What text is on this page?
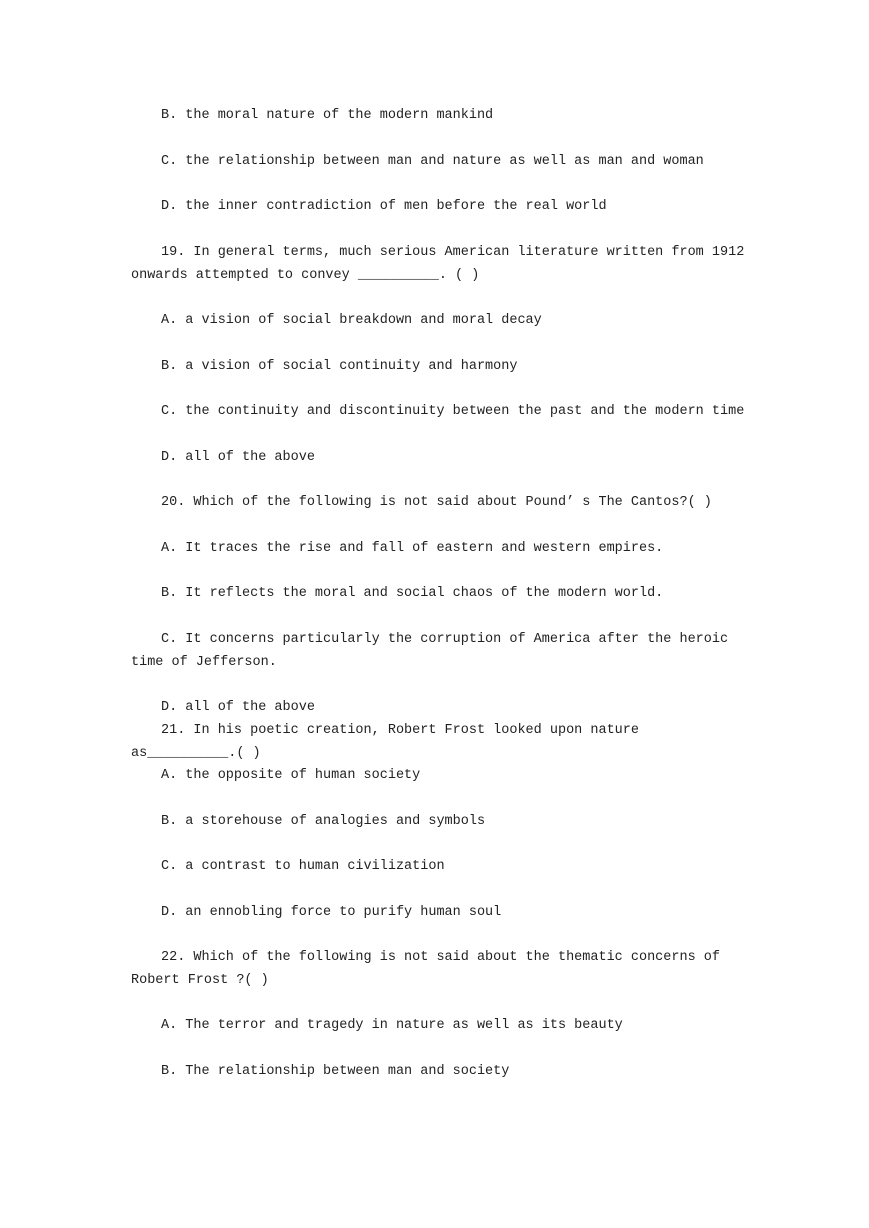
B. the moral nature of the modern mankind

C. the relationship between man and nature as well as man and woman

D. the inner contradiction of men before the real world

19. In general terms, much serious American literature written from 1912 onwards attempted to convey __________. ( )

A. a vision of social breakdown and moral decay

B. a vision of social continuity and harmony

C. the continuity and discontinuity between the past and the modern time

D. all of the above

20. Which of the following is not said about Pound’ s The Cantos?( )

A. It traces the rise and fall of eastern and western empires.

B. It reflects the moral and social chaos of the modern world.

C. It concerns particularly the corruption of America after the heroic time of Jefferson.

D. all of the above

21. In his poetic creation, Robert Frost looked upon nature as__________.( )

A. the opposite of human society

B. a storehouse of analogies and symbols

C. a contrast to human civilization

D. an ennobling force to purify human soul

22. Which of the following is not said about the thematic concerns of Robert Frost ?( )

A. The terror and tragedy in nature as well as its beauty

B. The relationship between man and society
